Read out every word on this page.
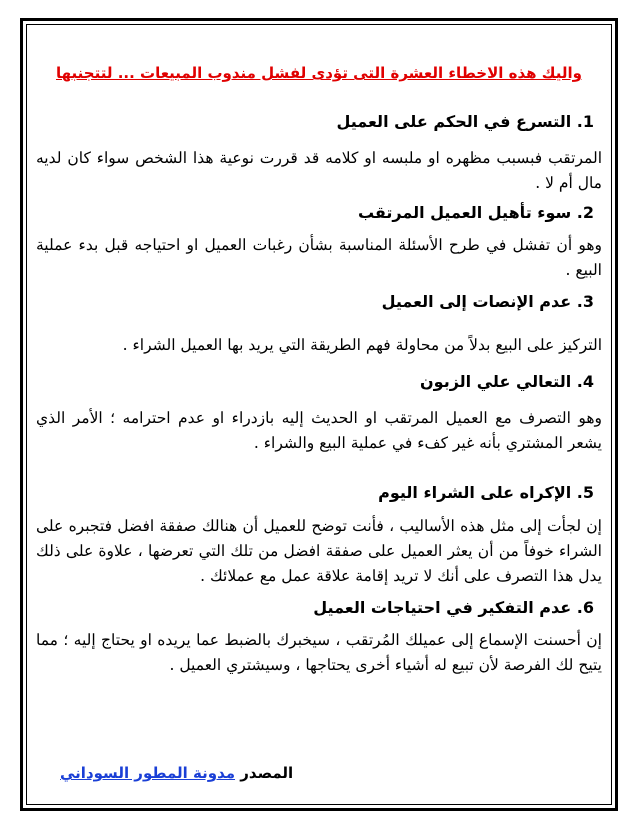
واليك هذه الاخطاء العشرة التى تؤدى لفشل مندوب المبيعات ... لتتجنبها
1. التسرع في الحكم على العميل
المرتقب فبسبب مظهره او ملبسه او كلامه قد قررت نوعية هذا الشخص سواء كان لديه مال أم لا .
2. سوء تأهيل العميل المرتقب
وهو أن تفشل في طرح الأسئلة المناسبة بشأن رغبات العميل او احتياجه قبل بدء عملية البيع .
3. عدم الإنصات إلى العميل
التركيز على البيع بدلاً من محاولة فهم الطريقة التي يريد بها العميل الشراء .
4. التعالي علي الزبون
وهو التصرف مع العميل المرتقب او الحديث إليه بازدراء او عدم احترامه ؛ الأمر الذي يشعر المشتري بأنه غير كفء في عملية البيع والشراء .
5. الإكراه على الشراء اليوم
إن لجأت إلى مثل هذه الأساليب ، فأنت توضح للعميل أن هنالك صفقة افضل فتجبره على الشراء خوفاً من أن يعثر العميل على صفقة افضل من تلك التي تعرضها ، علاوة على ذلك يدل هذا التصرف على أنك لا تريد إقامة علاقة عمل مع عملائك .
6. عدم التفكير في احتياجات العميل
إن أحسنت الإسماع إلى عميلك المُرتقب ، سيخبرك بالضبط عما يريده او يحتاج إليه ؛ مما يتيح لك الفرصة لأن تبيع له أشياء أخرى يحتاجها ، وسيشتري العميل .
المصدر مدونة المطور السوداني
